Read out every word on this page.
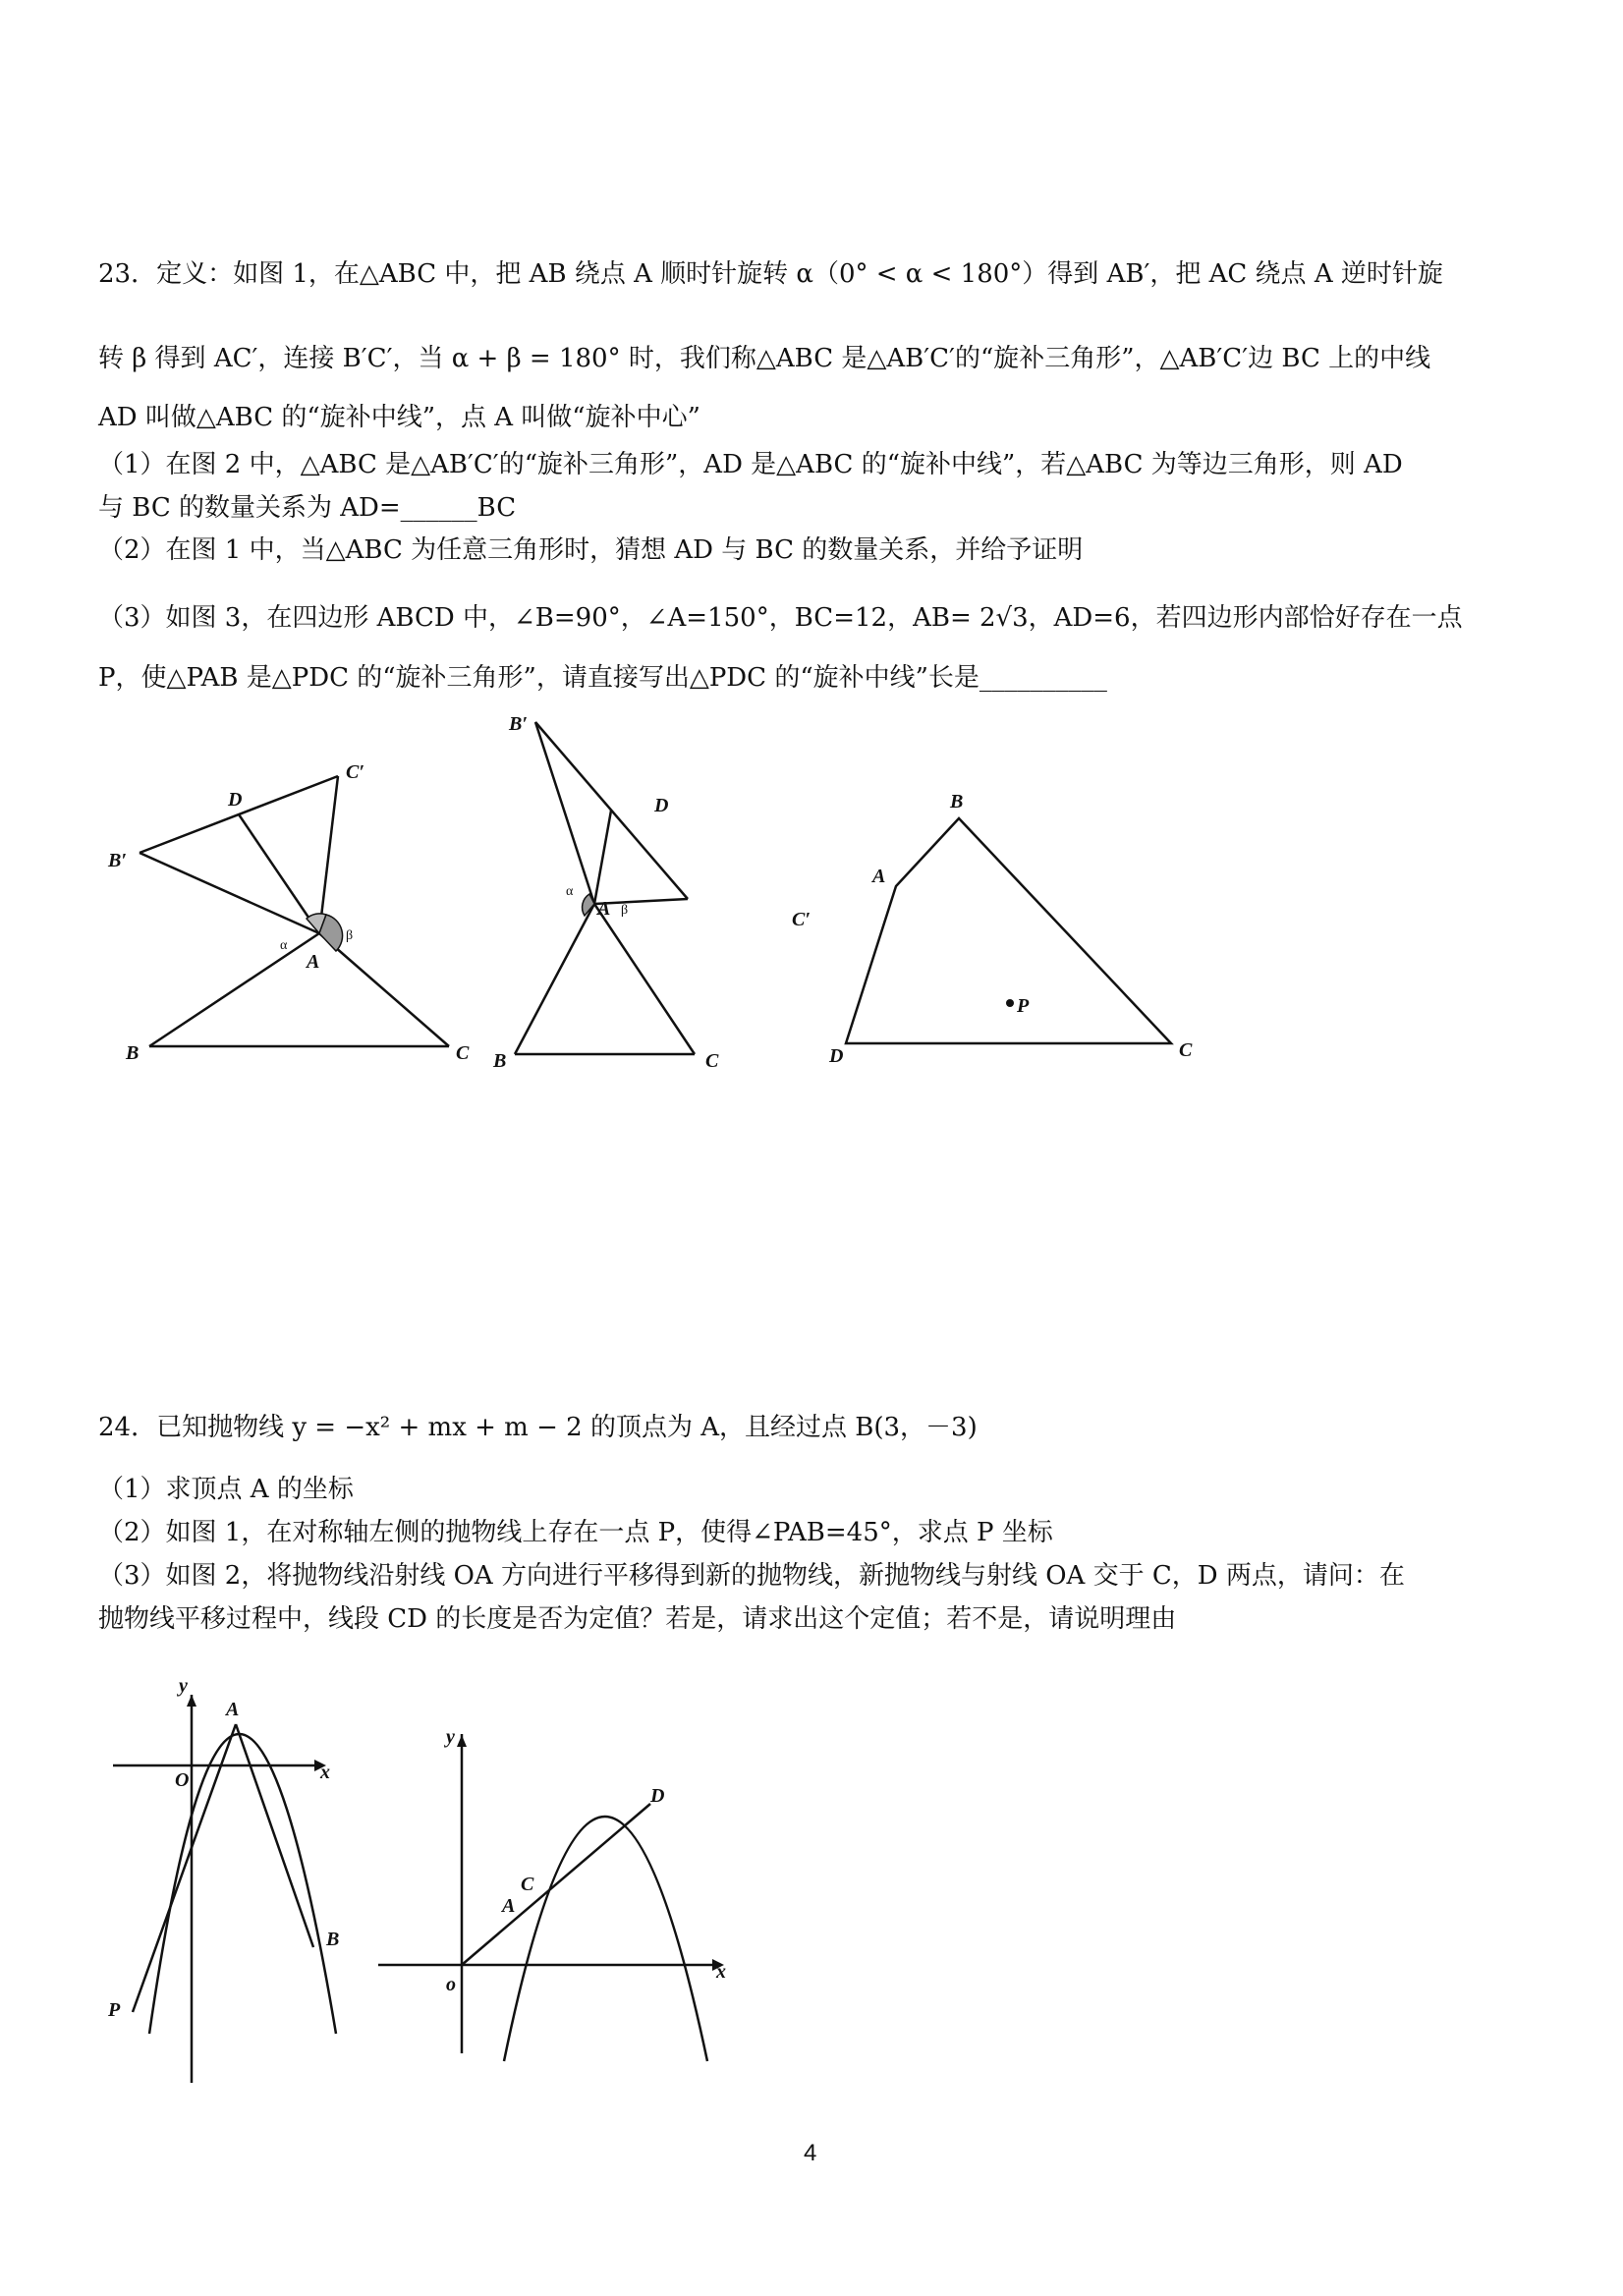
23．定义：如图 1，在△ABC 中，把 AB 绕点 A 顺时针旋转 α（0° < α < 180°）得到 AB′，把 AC 绕点 A 逆时针旋
转 β 得到 AC′，连接 B′C′，当 α + β = 180° 时，我们称△ABC 是△AB′C′的“旋补三角形”，△AB′C′边 BC 上的中线
AD 叫做△ABC 的“旋补中线”，点 A 叫做“旋补中心”
（1）在图 2 中，△ABC 是△AB′C′的“旋补三角形”，AD 是△ABC 的“旋补中线”，若△ABC 为等边三角形，则 AD
与 BC 的数量关系为 AD=______BC
（2）在图 1 中，当△ABC 为任意三角形时，猜想 AD 与 BC 的数量关系，并给予证明
（3）如图 3，在四边形 ABCD 中，∠B=90°，∠A=150°，BC=12，AB= 2√3，AD=6，若四边形内部恰好存在一点
P，使△PAB 是△PDC 的“旋补三角形”，请直接写出△PDC 的“旋补中线”长是__________
B	C
A
B′
C′
D
α
β
B′
D
C′
A
B	C
α
β
B
A
D	C
P
24．已知抛物线 y = −x² + mx + m − 2 的顶点为 A，且经过点 B(3，－3)
（1）求顶点 A 的坐标
（2）如图 1，在对称轴左侧的抛物线上存在一点 P，使得∠PAB=45°，求点 P 坐标
（3）如图 2，将抛物线沿射线 OA 方向进行平移得到新的抛物线，新抛物线与射线 OA 交于 C，D 两点，请问：在
抛物线平移过程中，线段 CD 的长度是否为定值？若是，请求出这个定值；若不是，请说明理由
y
A
x
O
B
P
y
D
C
A
o
x
4
